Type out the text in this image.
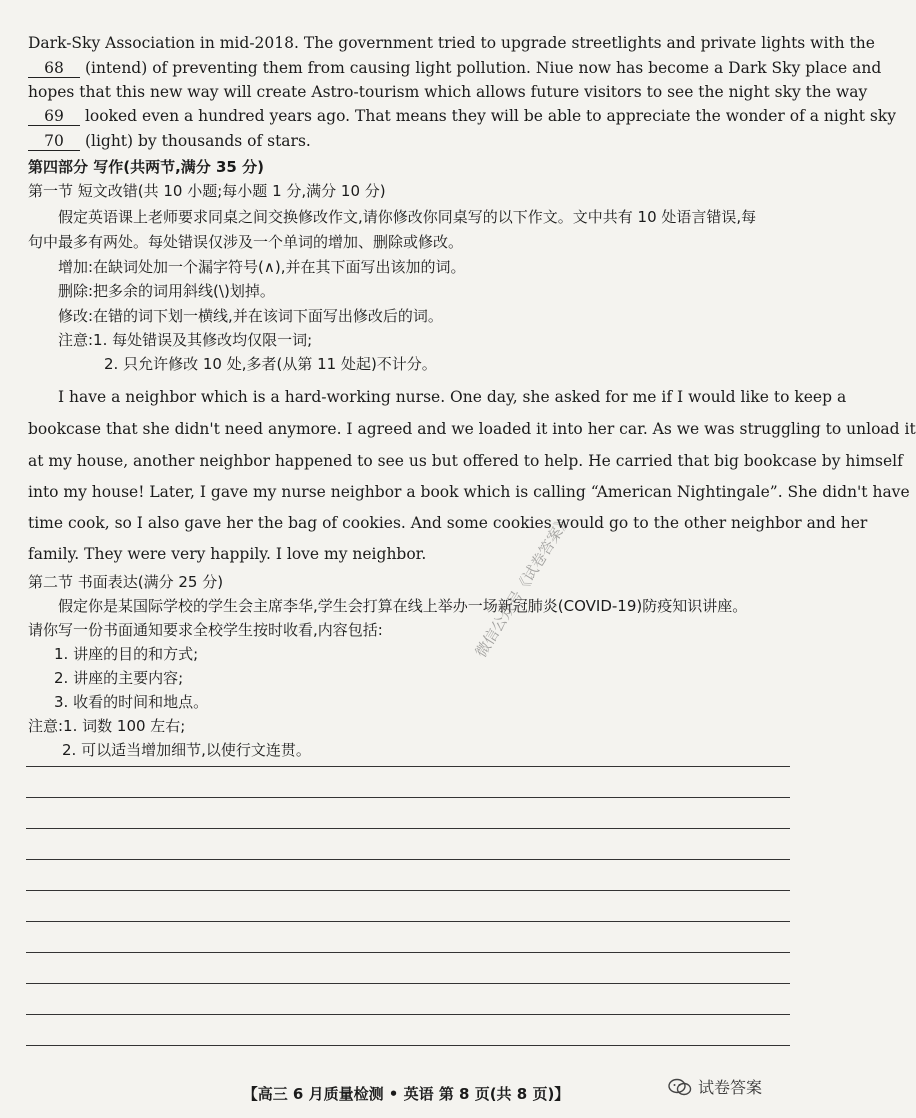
Dark-Sky Association in mid-2018. The government tried to upgrade streetlights and private lights with the
68 (intend) of preventing them from causing light pollution. Niue now has become a Dark Sky place and
hopes that this new way will create Astro-tourism which allows future visitors to see the night sky the way
69 looked even a hundred years ago. That means they will be able to appreciate the wonder of a night sky
70 (light) by thousands of stars.
第四部分 写作(共两节,满分 35 分)
第一节 短文改错(共 10 小题;每小题 1 分,满分 10 分)
假定英语课上老师要求同桌之间交换修改作文,请你修改你同桌写的以下作文。文中共有 10 处语言错误,每
句中最多有两处。每处错误仅涉及一个单词的增加、删除或修改。
增加:在缺词处加一个漏字符号(∧),并在其下面写出该加的词。
删除:把多余的词用斜线(\)划掉。
修改:在错的词下划一横线,并在该词下面写出修改后的词。
注意:1. 每处错误及其修改均仅限一词;
2. 只允许修改 10 处,多者(从第 11 处起)不计分。
I have a neighbor which is a hard-working nurse. One day, she asked for me if I would like to keep a
bookcase that she didn't need anymore. I agreed and we loaded it into her car. As we was struggling to unload it
at my house, another neighbor happened to see us but offered to help. He carried that big bookcase by himself
into my house! Later, I gave my nurse neighbor a book which is calling “American Nightingale”. She didn't have
time cook, so I also gave her the bag of cookies. And some cookies would go to the other neighbor and her
family. They were very happily. I love my neighbor.
第二节 书面表达(满分 25 分)
假定你是某国际学校的学生会主席李华,学生会打算在线上举办一场新冠肺炎(COVID-19)防疫知识讲座。
请你写一份书面通知要求全校学生按时收看,内容包括:
1. 讲座的目的和方式;
2. 讲座的主要内容;
3. 收看的时间和地点。
注意:1. 词数 100 左右;
2. 可以适当增加细节,以使行文连贯。
微信公众号《试卷答案》
【高三 6 月质量检测 • 英语 第 8 页(共 8 页)】	试卷答案
